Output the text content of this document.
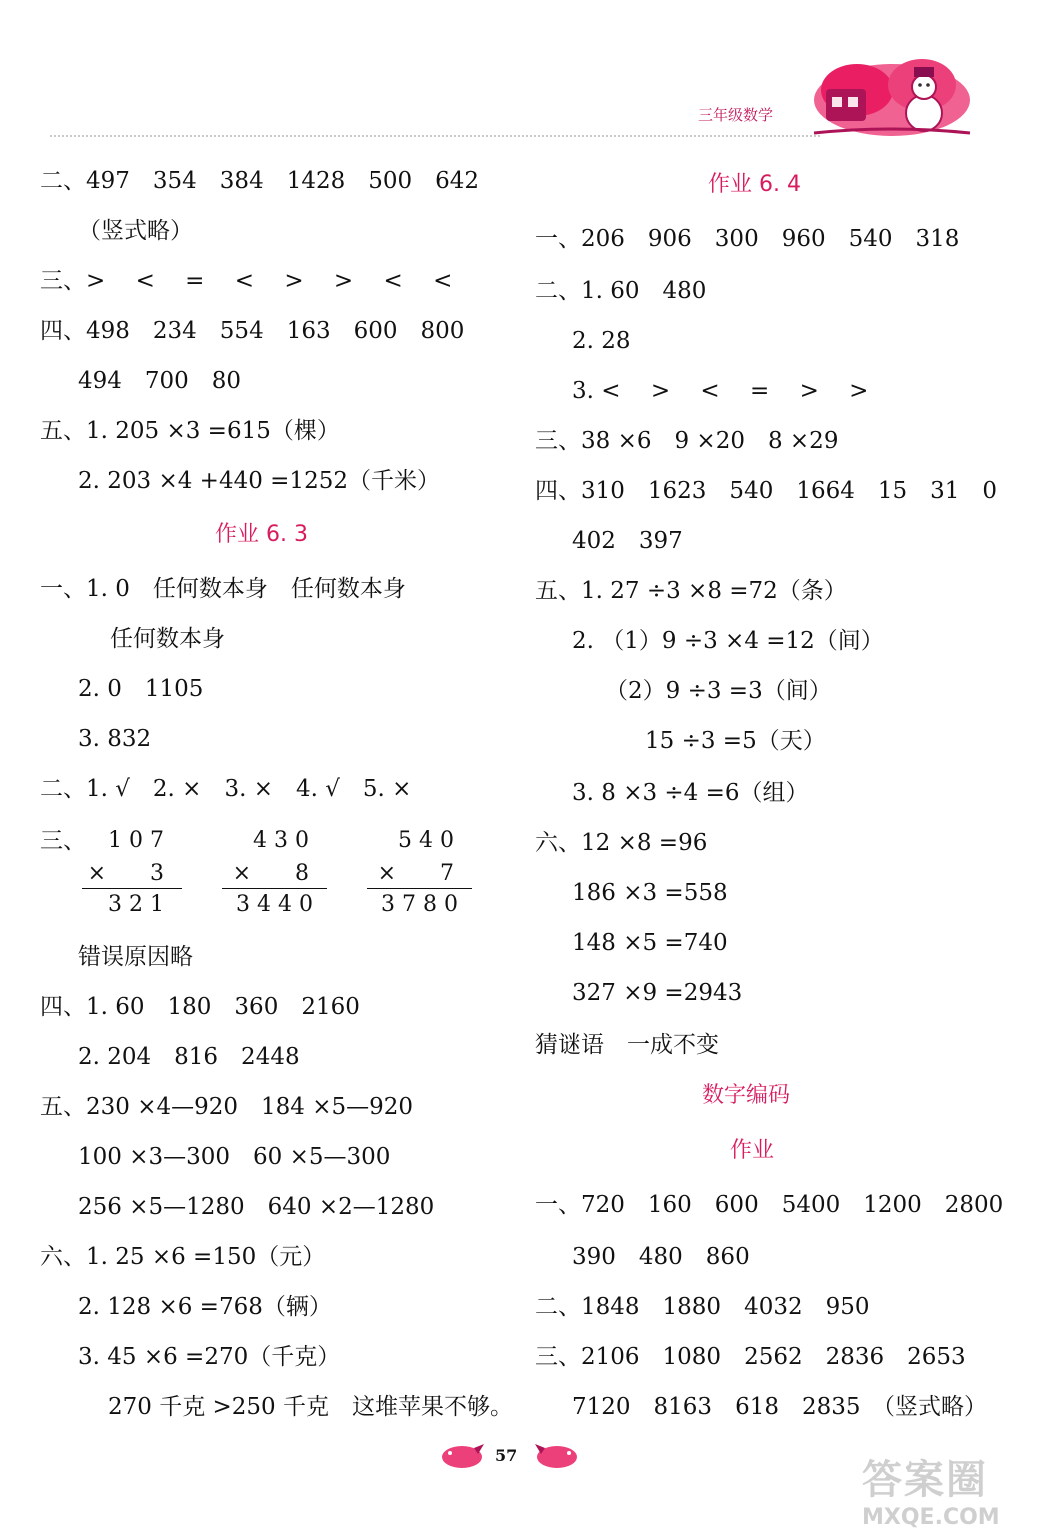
三年级数学
二、497　354　384　1428　500　642
（竖式略）
三、>　 <　 =　 <　 >　 >　 <　 <
四、498　234　554　163　600　800
494　700　80
五、1. 205 ×3 =615（棵）
2. 203 ×4 +440 =1252（千米）
作业 6. 3
一、1. 0　任何数本身　任何数本身
任何数本身
2. 0　1105
3. 832
二、1. √　2. ×　3. ×　4. √　5. ×
三、

1 0 7

×　　3

3 2 1

4 3 0

×　　8

3 4 4 0

5 4 0

×　　7

3 7 8 0

错误原因略
四、1. 60　180　360　2160
2. 204　816　2448
五、230 ×4—920　184 ×5—920
100 ×3—300　60 ×5—300
256 ×5—1280　640 ×2—1280
六、1. 25 ×6 =150（元）
2. 128 ×6 =768（辆）
3. 45 ×6 =270（千克）
270 千克 >250 千克　这堆苹果不够。
作业 6. 4
一、206　906　300　960　540　318
二、1. 60　480
2. 28
3. <　 >　 <　 =　 >　 >
三、38 ×6　9 ×20　8 ×29
四、310　1623　540　1664　15　31　0
402　397
五、1. 27 ÷3 ×8 =72（条）
2. （1）9 ÷3 ×4 =12（间）
（2）9 ÷3 =3（间）
15 ÷3 =5（天）
3. 8 ×3 ÷4 =6（组）
六、12 ×8 =96
186 ×3 =558
148 ×5 =740
327 ×9 =2943
猜谜语　一成不变
数字编码
作业
一、720　160　600　5400　1200　2800
390　480　860
二、1848　1880　4032　950
三、2106　1080　2562　2836　2653
7120　8163　618　2835　（竖式略）
57
答案圈
MXQE.COM
